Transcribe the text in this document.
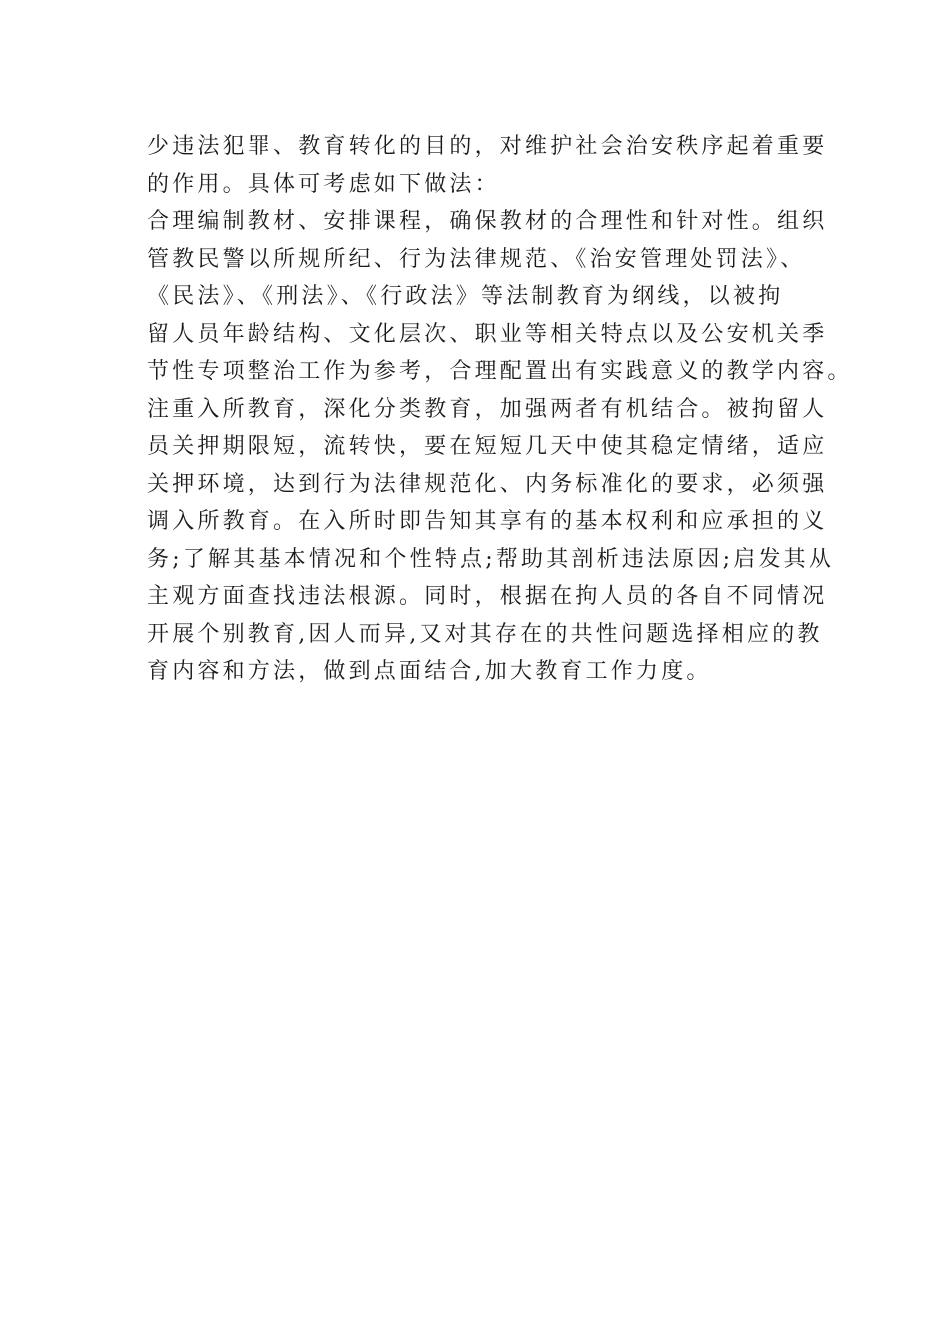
少违法犯罪、教育转化的目的，对维护社会治安秩序起着重要
的作用。具体可考虑如下做法：
合理编制教材、安排课程，确保教材的合理性和针对性。组织
管教民警以所规所纪、行为法律规范、《治安管理处罚法》、
《民法》、《刑法》、《行政法》等法制教育为纲线，以被拘
留人员年龄结构、文化层次、职业等相关特点以及公安机关季
节性专项整治工作为参考，合理配置出有实践意义的教学内容。
注重入所教育，深化分类教育，加强两者有机结合。被拘留人
员关押期限短，流转快，要在短短几天中使其稳定情绪，适应
关押环境，达到行为法律规范化、内务标准化的要求，必须强
调入所教育。在入所时即告知其享有的基本权利和应承担的义
务;了解其基本情况和个性特点;帮助其剖析违法原因;启发其从
主观方面查找违法根源。同时，根据在拘人员的各自不同情况
开展个别教育,因人而异,又对其存在的共性问题选择相应的教
育内容和方法，做到点面结合,加大教育工作力度。
